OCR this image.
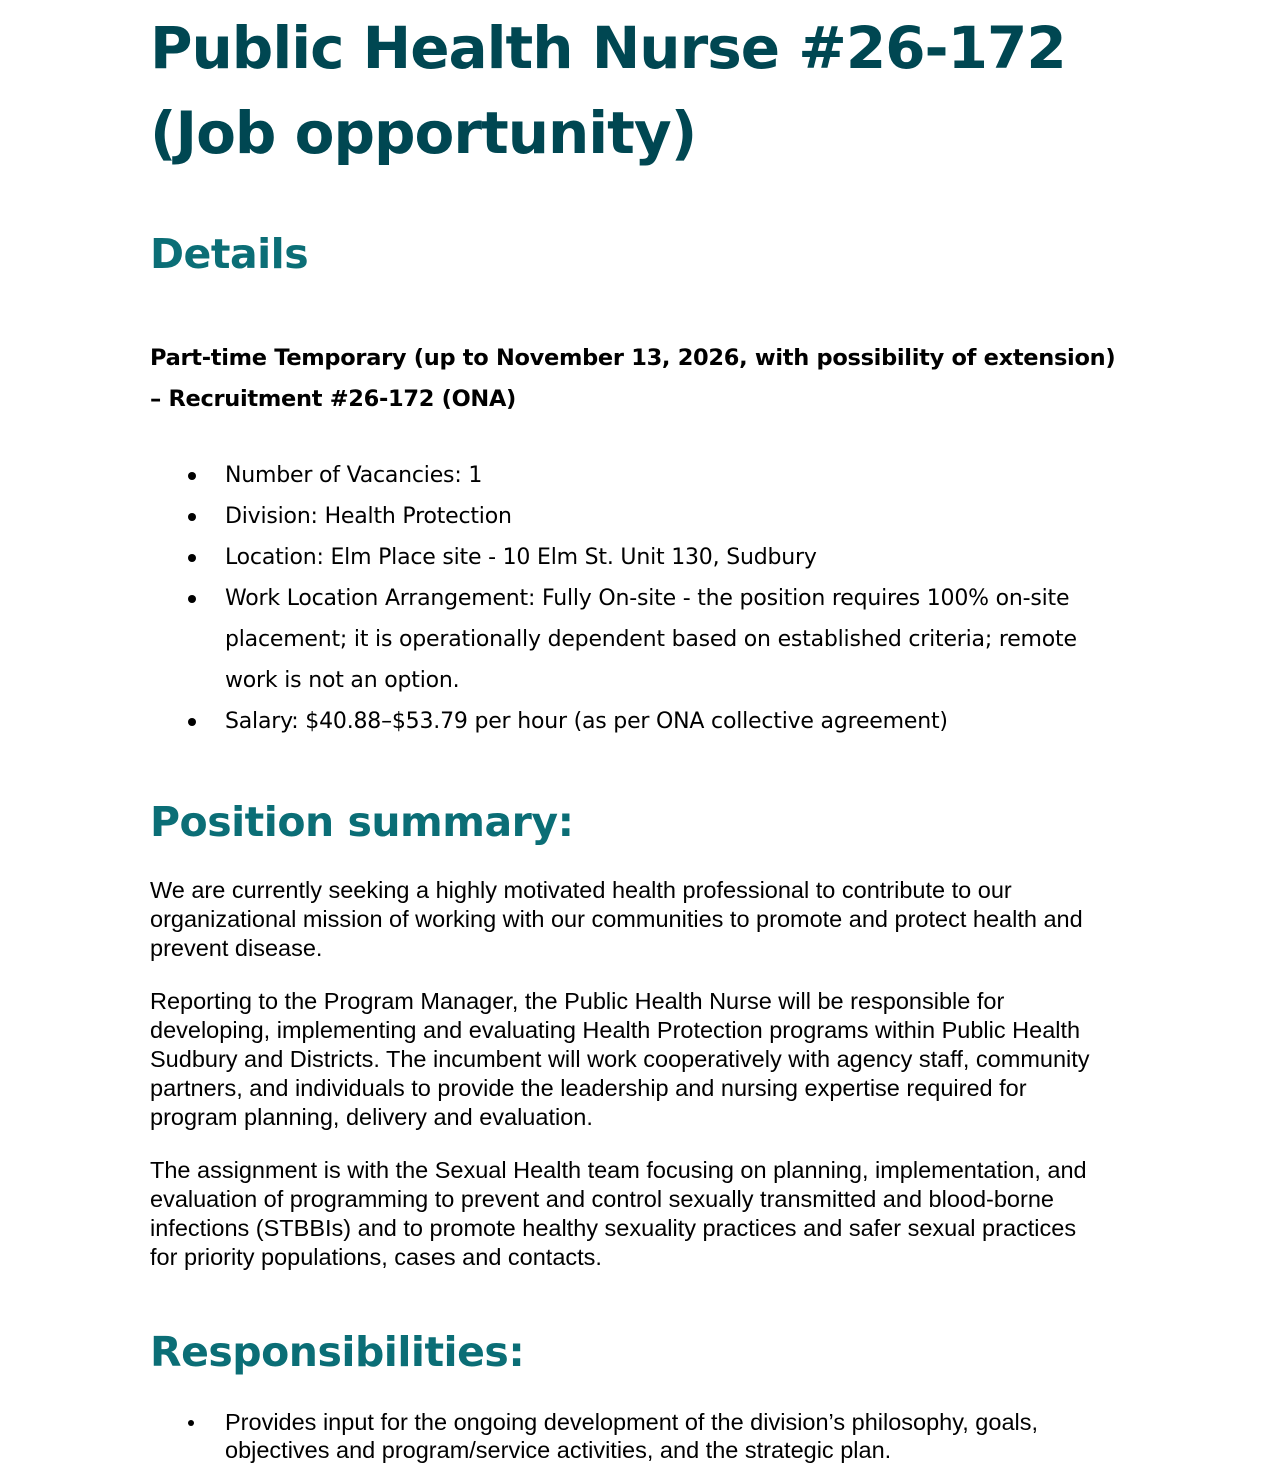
Public Health Nurse #26-172 (Job opportunity)
Details

Part-time Temporary (up to November 13, 2026, with possibility of extension) – Recruitment #26-172 (ONA)

Number of Vacancies: 1
Division: Health Protection
Location: Elm Place site - 10 Elm St. Unit 130, Sudbury
Work Location Arrangement: Fully On-site - the position requires 100% on-site placement; it is operationally dependent based on established criteria; remote work is not an option.
Salary: $40.88–$53.79 per hour (as per ONA collective agreement)
Position summary:

We are currently seeking a highly motivated health professional to contribute to our organizational mission of working with our communities to promote and protect health and prevent disease.

Reporting to the Program Manager, the Public Health Nurse will be responsible for developing, implementing and evaluating Health Protection programs within Public Health Sudbury and Districts. The incumbent will work cooperatively with agency staff, community partners, and individuals to provide the leadership and nursing expertise required for program planning, delivery and evaluation.

The assignment is with the Sexual Health team focusing on planning, implementation, and evaluation of programming to prevent and control sexually transmitted and blood-borne infections (STBBIs) and to promote healthy sexuality practices and safer sexual practices for priority populations, cases and contacts.

Responsibilities:
Provides input for the ongoing development of the division’s philosophy, goals, objectives and program/service activities, and the strategic plan.
